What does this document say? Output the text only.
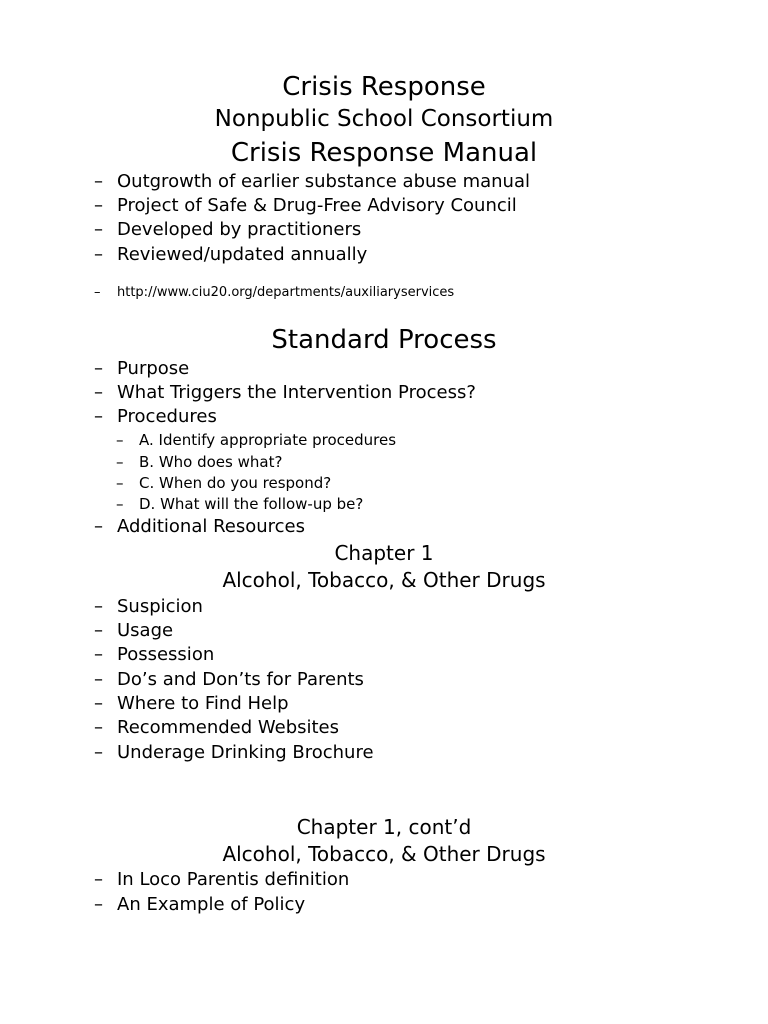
Crisis Response
Nonpublic School Consortium
Crisis Response Manual
– Outgrowth of earlier substance abuse manual
– Project of Safe & Drug-Free Advisory Council
– Developed by practitioners
– Reviewed/updated annually
– http://www.ciu20.org/departments/auxiliaryservices
Standard Process
– Purpose
– What Triggers the Intervention Process?
– Procedures
– A. Identify appropriate procedures
– B. Who does what?
– C. When do you respond?
– D. What will the follow-up be?
– Additional Resources
Chapter 1
Alcohol, Tobacco, & Other Drugs
– Suspicion
– Usage
– Possession
– Do’s and Don’ts for Parents
– Where to Find Help
– Recommended Websites
– Underage Drinking Brochure
Chapter 1, cont’d
Alcohol, Tobacco, & Other Drugs
– In Loco Parentis definition
– An Example of Policy
